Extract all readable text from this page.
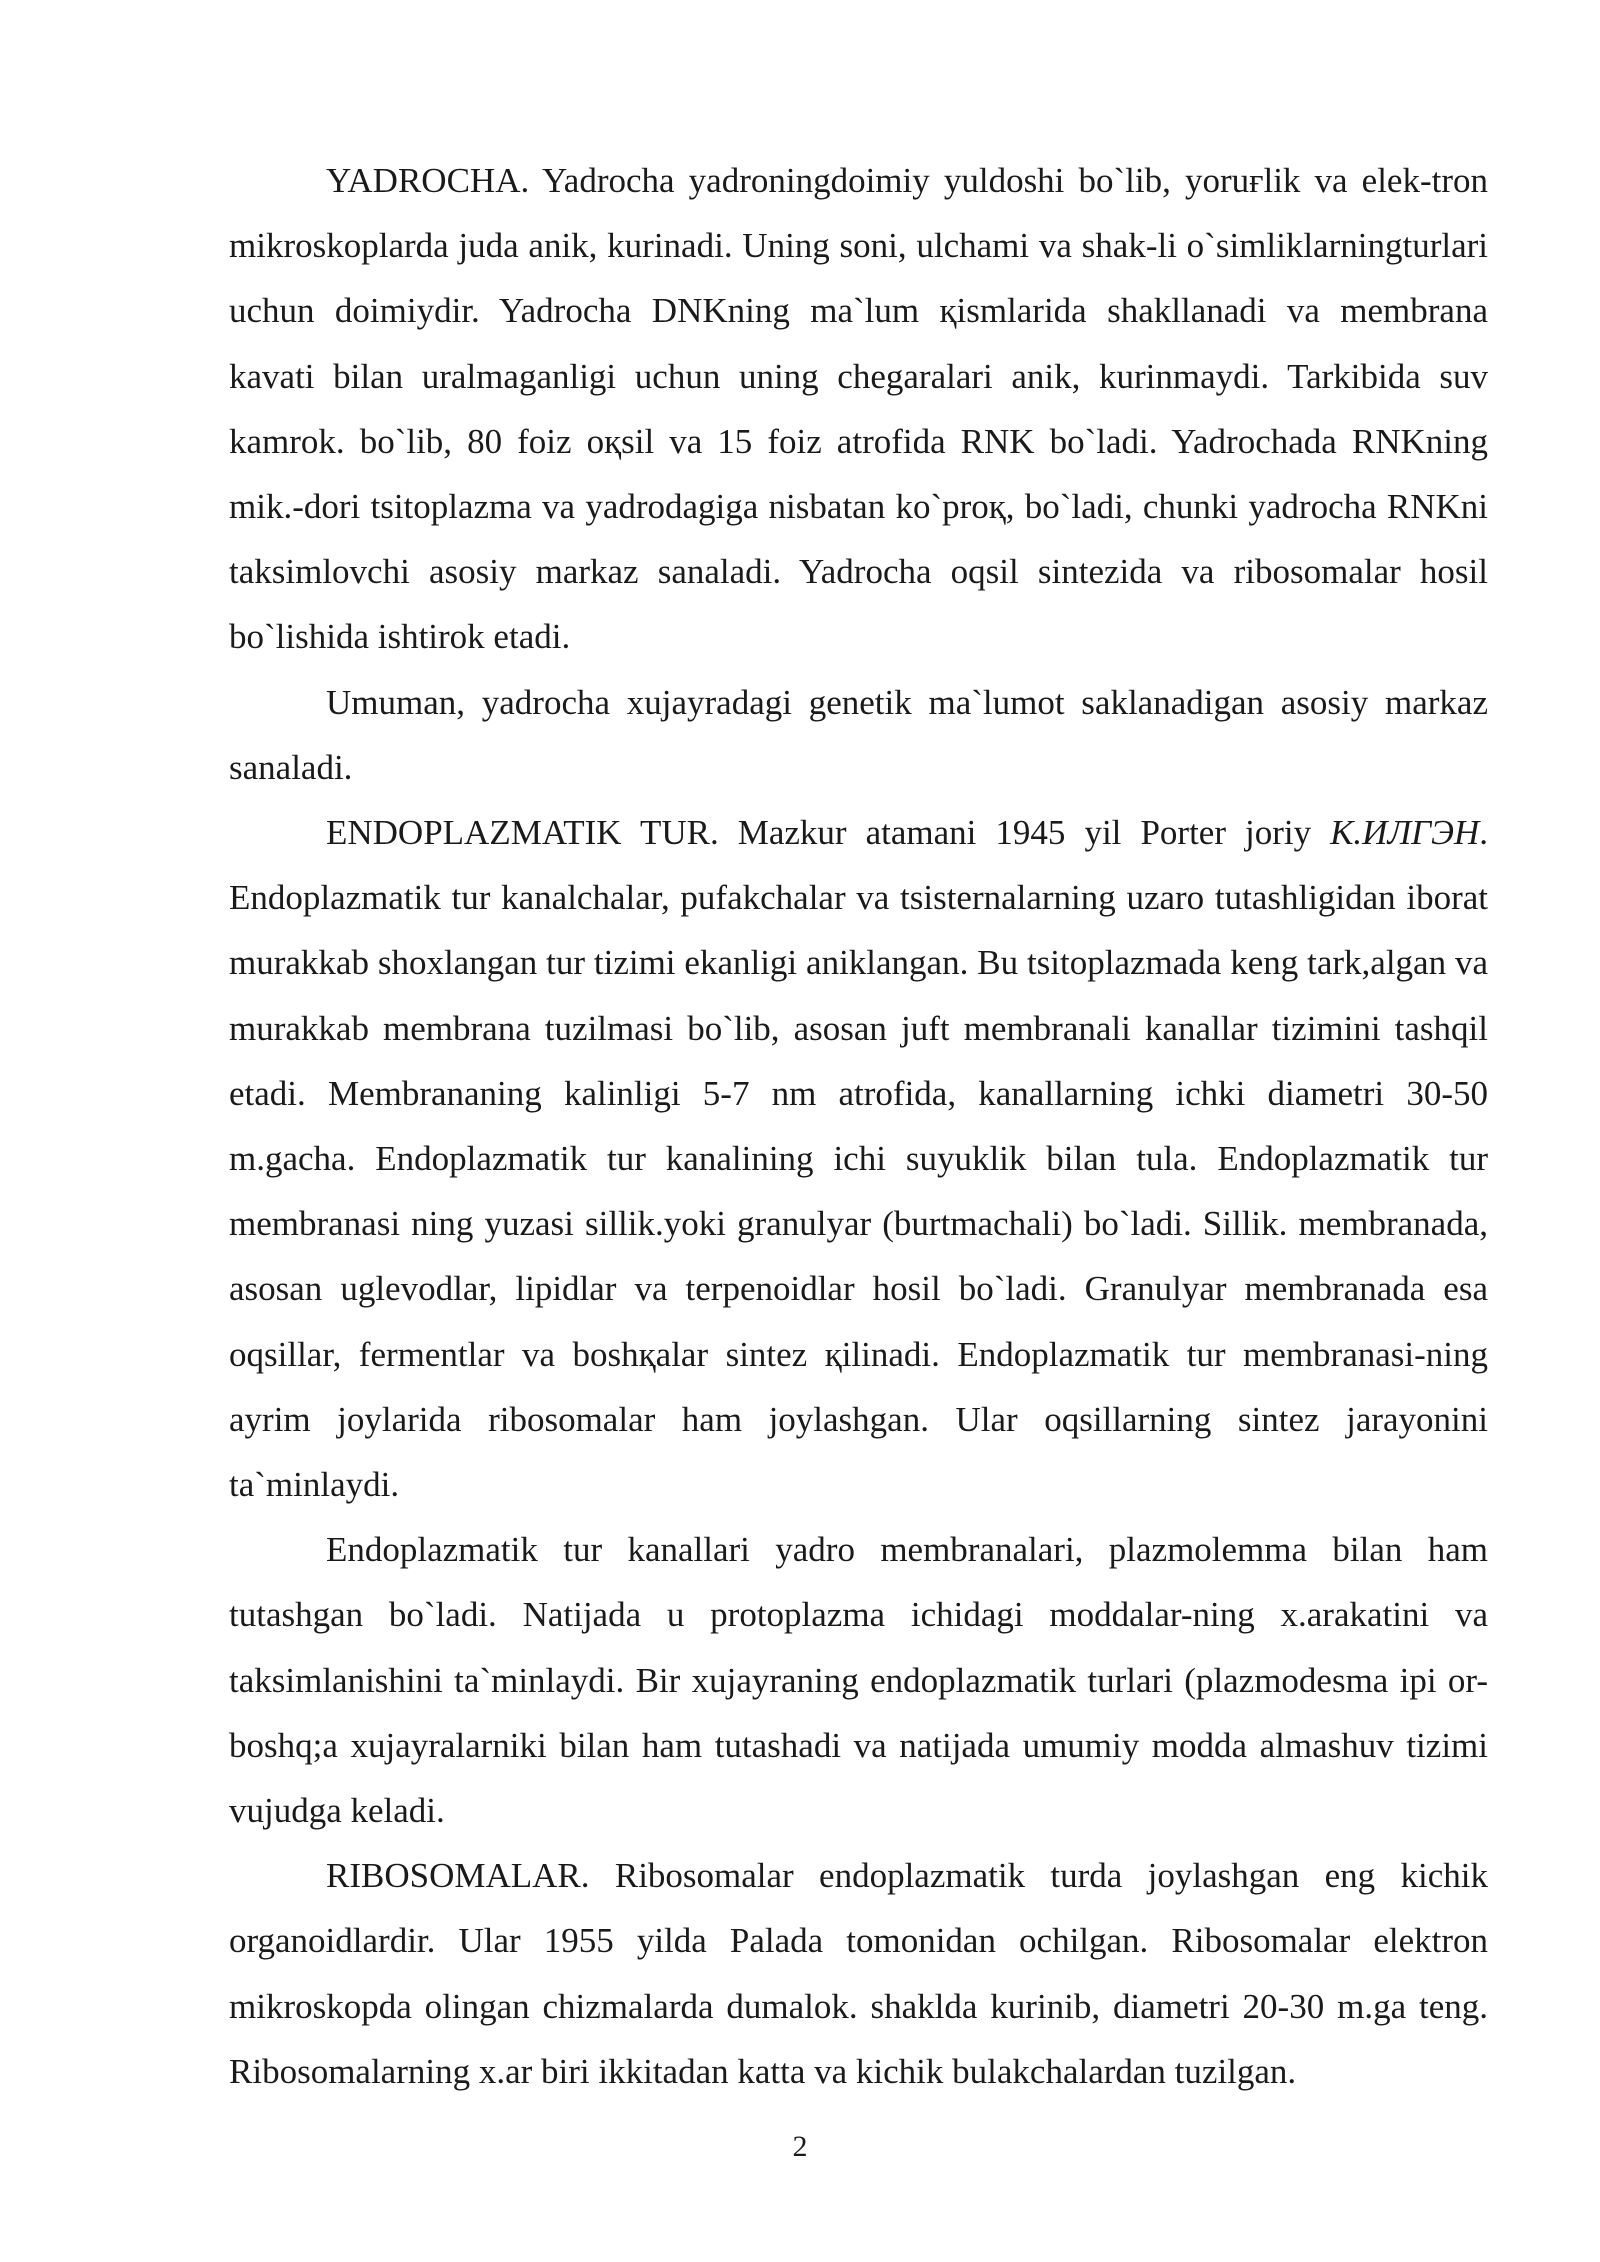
YADROCHA. Yadrocha yadroningdoimiy yuldoshi bo`lib, yoruғlik va elek-tron mikroskoplarda juda anik, kurinadi. Uning soni, ulchami va shak-li o`simliklarningturlari uchun doimiydir. Yadrocha DNKning ma`lum қismlarida shakllanadi va membrana kavati bilan uralmaganligi uchun uning chegaralari anik, kurinmaydi. Tarkibida suv kamrok. bo`lib, 80 foiz oқsil va 15 foiz atrofida RNK bo`ladi. Yadrochada RNKning mik.-dori tsitoplazma va yadrodagiga nisbatan ko`proқ, bo`ladi, chunki yadrocha RNKni taksimlovchi asosiy markaz sanaladi. Yadrocha oqsil sintezida va ribosomalar hosil bo`lishida ishtirok etadi.

Umuman, yadrocha xujayradagi genetik ma`lumot saklanadigan asosiy markaz sanaladi.

ENDOPLAZMATIK TUR. Mazkur atamani 1945 yil Porter joriy К.ИЛГЭН. Endoplazmatik tur kanalchalar, pufakchalar va tsisternalarning uzaro tutashligidan iborat murakkab shoxlangan tur tizimi ekanligi aniklangan. Bu tsitoplazmada keng tark,algan va murakkab membrana tuzilmasi bo`lib, asosan juft membranali kanallar tizimini tashqil etadi. Membrananing kalinligi 5-7 nm atrofida, kanallarning ichki diametri 30-50 m.gacha. Endoplazmatik tur kanalining ichi suyuklik bilan tula. Endoplazmatik tur membranasi ning yuzasi sillik.yoki granulyar (burtmachali) bo`ladi. Sillik. membranada, asosan uglevodlar, lipidlar va terpenoidlar hosil bo`ladi. Granulyar membranada esa oqsillar, fermentlar va boshқalar sintez қilinadi. Endoplazmatik tur membranasi-ning ayrim joylarida ribosomalar ham joylashgan. Ular oqsillarning sintez jarayonini ta`minlaydi.

Endoplazmatik tur kanallari yadro membranalari, plazmolemma bilan ham tutashgan bo`ladi. Natijada u protoplazma ichidagi moddalar-ning x.arakatini va taksimlanishini ta`minlaydi. Bir xujayraning endoplazmatik turlari (plazmodesma ipi or-boshq;a xujayralarniki bilan ham tutashadi va natijada umumiy modda almashuv tizimi vujudga keladi.

RIBOSOMALAR. Ribosomalar endoplazmatik turda joylashgan eng kichik organoidlardir. Ular 1955 yilda Palada tomonidan ochilgan. Ribosomalar elektron mikroskopda olingan chizmalarda dumalok. shaklda kurinib, diametri 20-30 m.ga teng. Ribosomalarning x.ar biri ikkitadan katta va kichik bulakchalardan tuzilgan.

2
